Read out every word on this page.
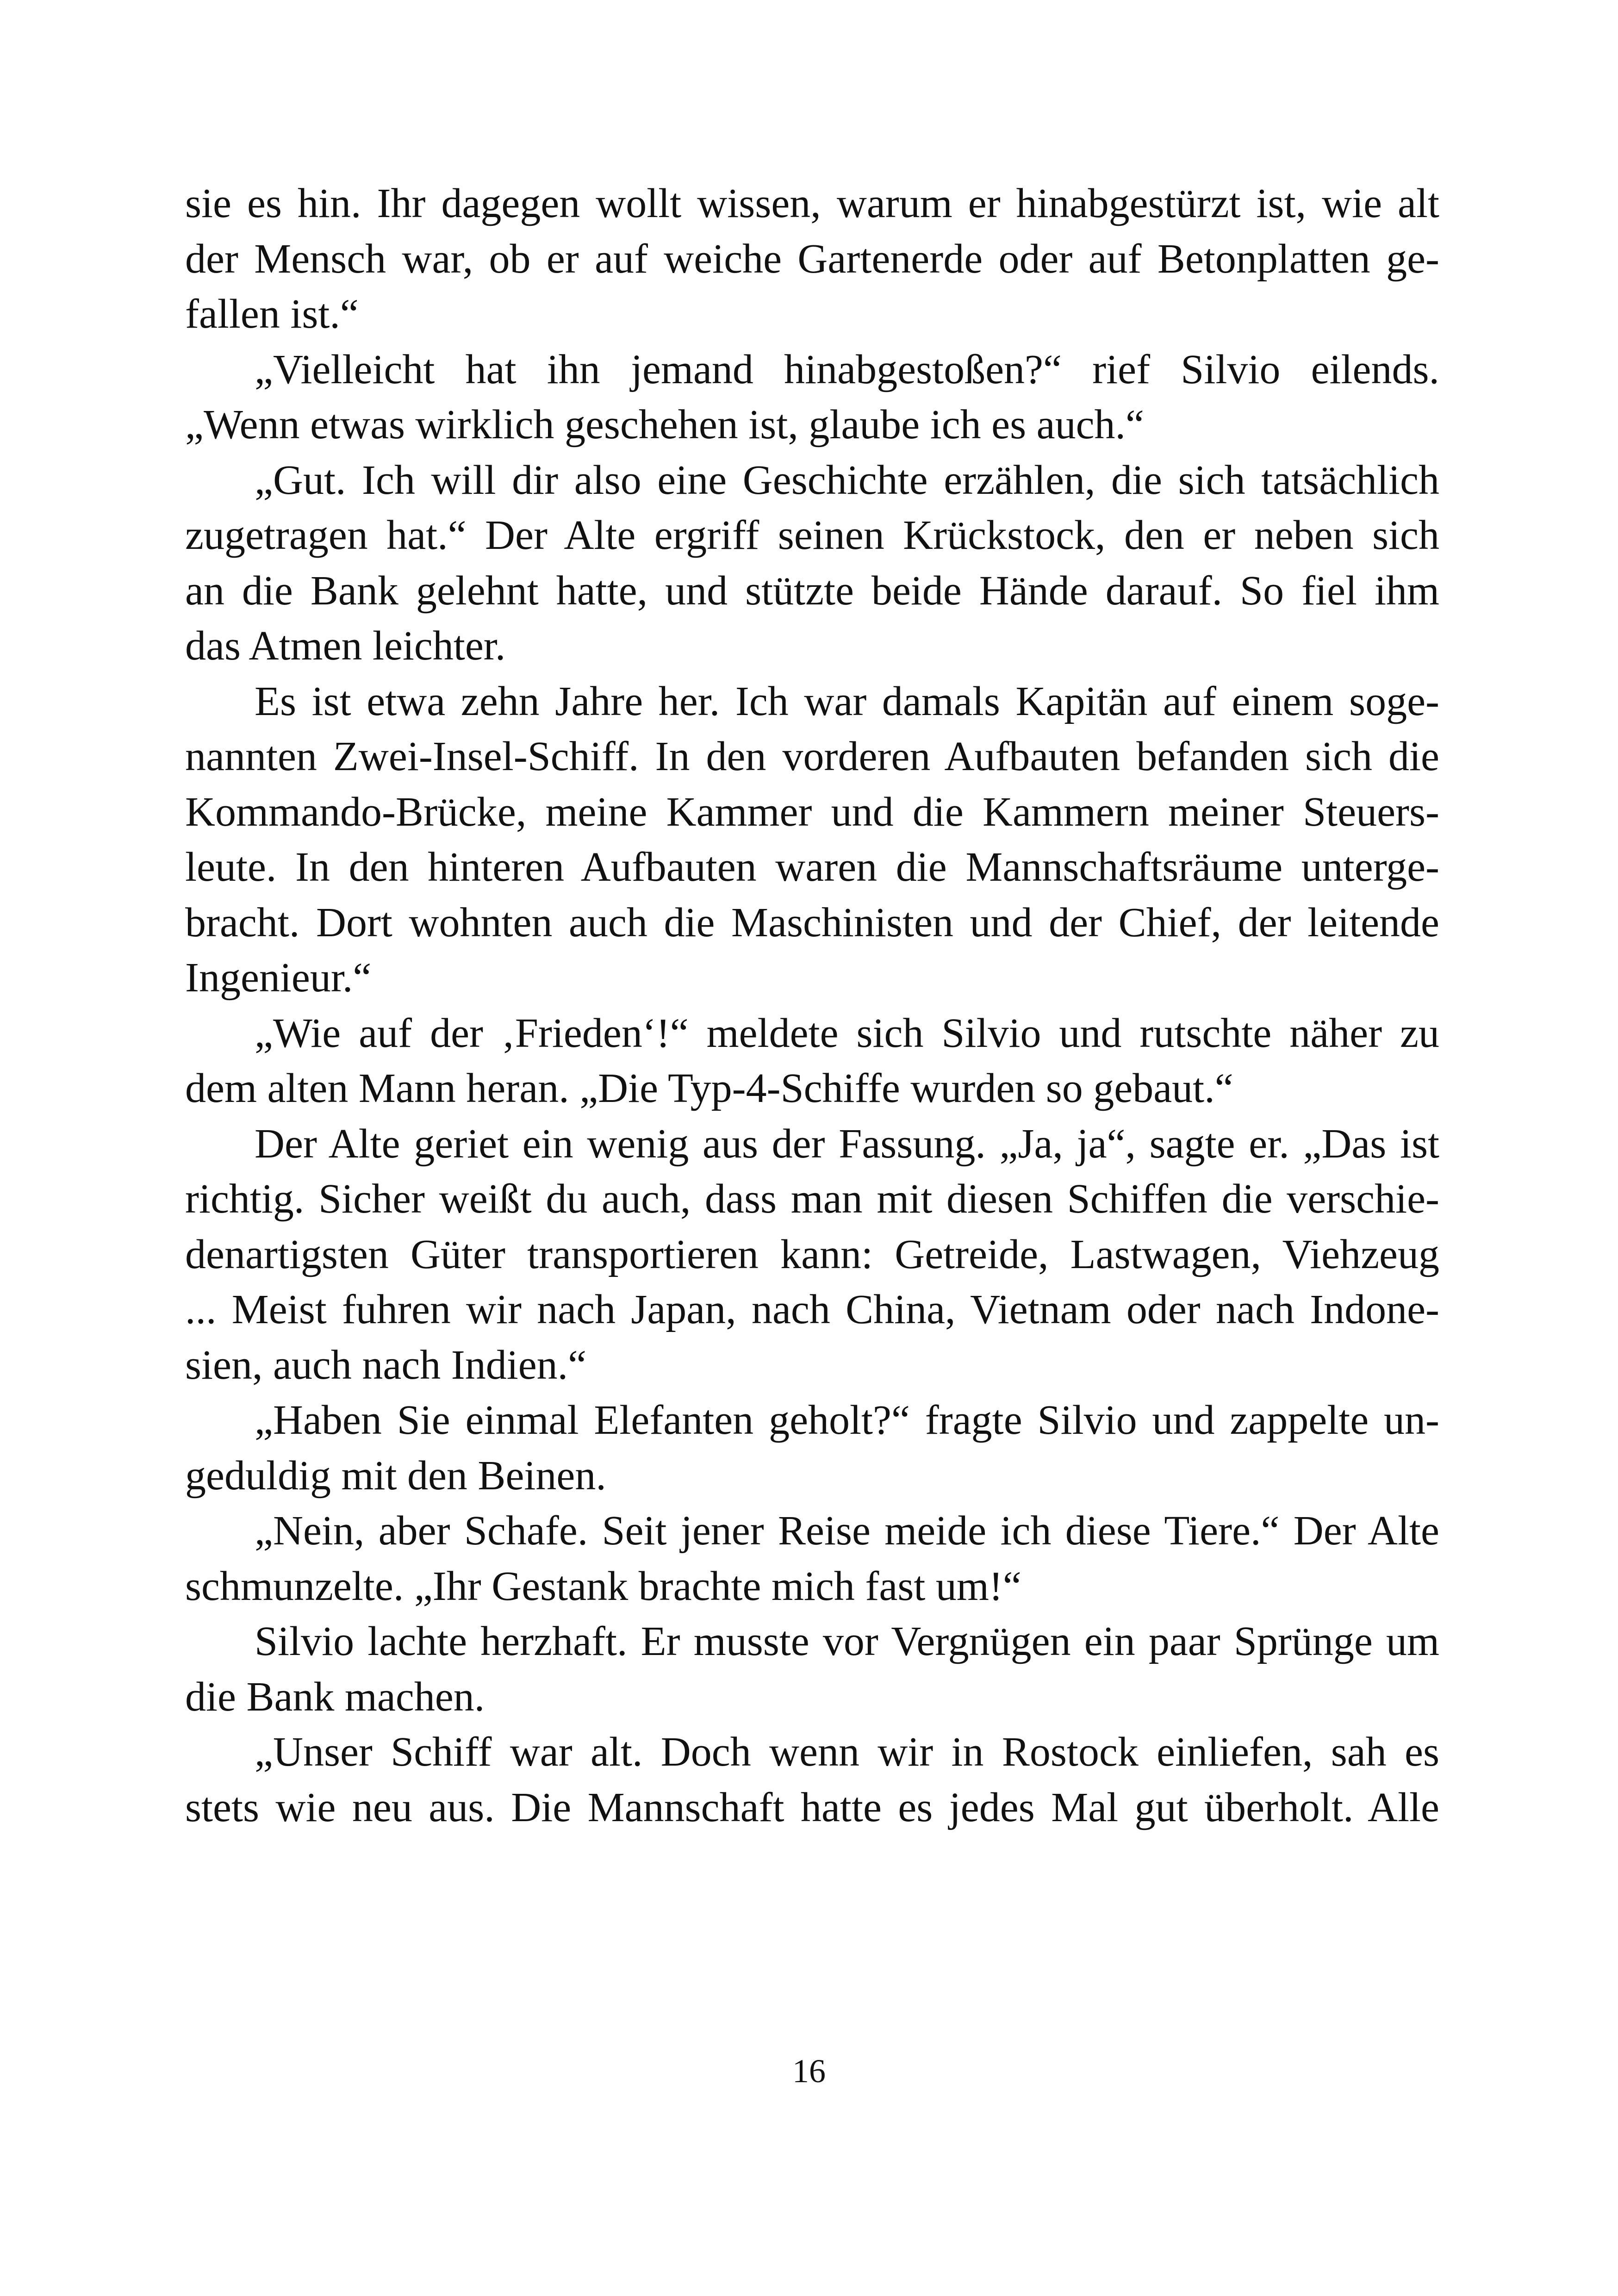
sie es hin. Ihr dagegen wollt wissen, warum er hinabgestürzt ist, wie alt
der Mensch war, ob er auf weiche Gartenerde oder auf Betonplatten ge-
fallen ist.“
„Vielleicht hat ihn jemand hinabgestoßen?“ rief Silvio eilends.
„Wenn etwas wirklich geschehen ist, glaube ich es auch.“
„Gut. Ich will dir also eine Geschichte erzählen, die sich tatsächlich
zugetragen hat.“ Der Alte ergriff seinen Krückstock, den er neben sich
an die Bank gelehnt hatte, und stützte beide Hände darauf. So fiel ihm
das Atmen leichter.
Es ist etwa zehn Jahre her. Ich war damals Kapitän auf einem soge-
nannten Zwei-Insel-Schiff. In den vorderen Aufbauten befanden sich die
Kommando-Brücke, meine Kammer und die Kammern meiner Steuers-
leute. In den hinteren Aufbauten waren die Mannschaftsräume unterge-
bracht. Dort wohnten auch die Maschinisten und der Chief, der leitende
Ingenieur.“
„Wie auf der ‚Frieden‘!“ meldete sich Silvio und rutschte näher zu
dem alten Mann heran. „Die Typ-4-Schiffe wurden so gebaut.“
Der Alte geriet ein wenig aus der Fassung. „Ja, ja“, sagte er. „Das ist
richtig. Sicher weißt du auch, dass man mit diesen Schiffen die verschie-
denartigsten Güter transportieren kann: Getreide, Lastwagen, Viehzeug
... Meist fuhren wir nach Japan, nach China, Vietnam oder nach Indone-
sien, auch nach Indien.“
„Haben Sie einmal Elefanten geholt?“ fragte Silvio und zappelte un-
geduldig mit den Beinen.
„Nein, aber Schafe. Seit jener Reise meide ich diese Tiere.“ Der Alte
schmunzelte. „Ihr Gestank brachte mich fast um!“
Silvio lachte herzhaft. Er musste vor Vergnügen ein paar Sprünge um
die Bank machen.
„Unser Schiff war alt. Doch wenn wir in Rostock einliefen, sah es
stets wie neu aus. Die Mannschaft hatte es jedes Mal gut überholt. Alle
16
